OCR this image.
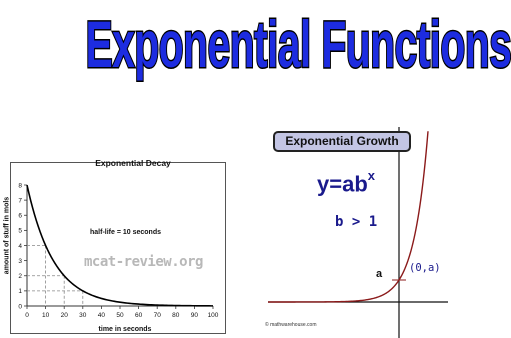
Exponential Functions
Exponential Decay
amount of stuff in mols
time in seconds
half-life = 10 seconds
mcat-review.org
0 10 20 30 40 50 60 70 80 90 100
0
1
2
3
4
5
6
7
8
Exponential Growth
$y=ab^x$
b > 1
(0,a)
a
© mathwarehouse.com
